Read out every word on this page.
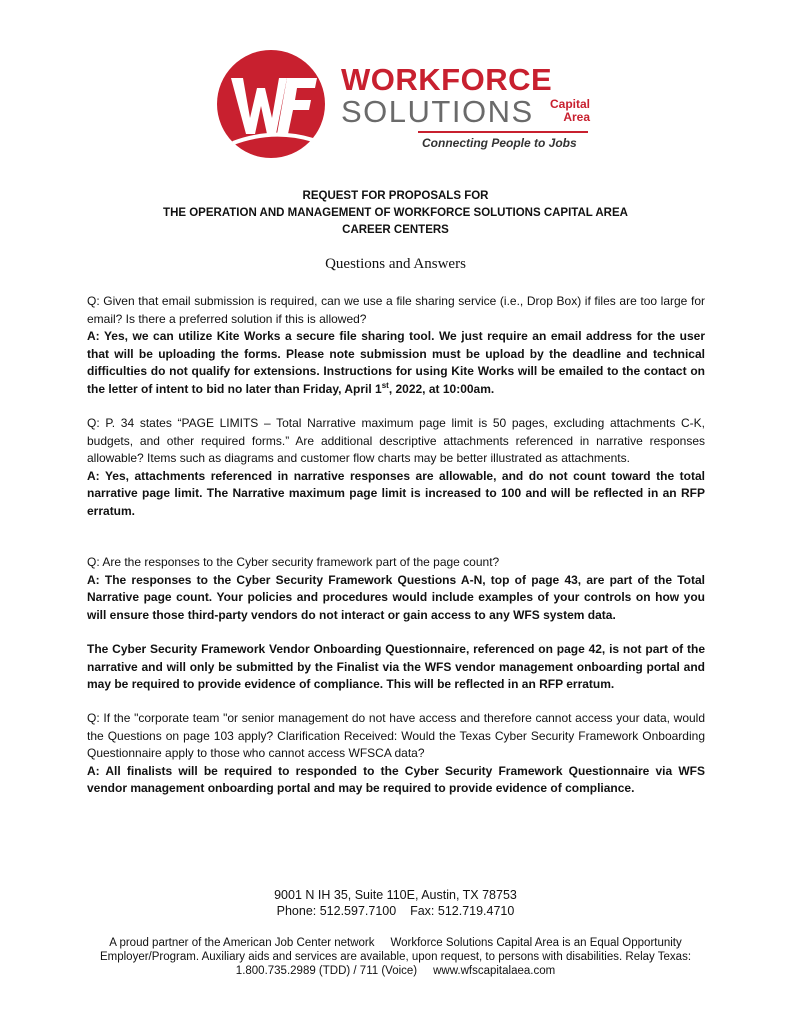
WORKFORCE
SOLUTIONS	Capital
Area
Connecting People to Jobs
REQUEST FOR PROPOSALS FOR
THE OPERATION AND MANAGEMENT OF WORKFORCE SOLUTIONS CAPITAL AREA
CAREER CENTERS
Questions and Answers

Q: Given that email submission is required, can we use a file sharing service (i.e., Drop Box) if files are too large for email? Is there a preferred solution if this is allowed?

A: Yes, we can utilize Kite Works a secure file sharing tool. We just require an email address for the user that will be uploading the forms. Please note submission must be upload by the deadline and technical difficulties do not qualify for extensions. Instructions for using Kite Works will be emailed to the contact on the letter of intent to bid no later than Friday, April 1st, 2022, at 10:00am.

Q: P. 34 states “PAGE LIMITS – Total Narrative maximum page limit is 50 pages, excluding attachments C-K, budgets, and other required forms.” Are additional descriptive attachments referenced in narrative responses allowable? Items such as diagrams and customer flow charts may be better illustrated as attachments.

A: Yes, attachments referenced in narrative responses are allowable, and do not count toward the total narrative page limit. The Narrative maximum page limit is increased to 100 and will be reflected in an RFP erratum.

Q: Are the responses to the Cyber security framework part of the page count?

A: The responses to the Cyber Security Framework Questions A-N, top of page 43, are part of the Total Narrative page count. Your policies and procedures would include examples of your controls on how you will ensure those third-party vendors do not interact or gain access to any WFS system data.

The Cyber Security Framework Vendor Onboarding Questionnaire, referenced on page 42, is not part of the narrative and will only be submitted by the Finalist via the WFS vendor management onboarding portal and may be required to provide evidence of compliance. This will be reflected in an RFP erratum.

Q: If the "corporate team "or senior management do not have access and therefore cannot access your data, would the Questions on page 103 apply? Clarification Received: Would the Texas Cyber Security Framework Onboarding Questionnaire apply to those who cannot access WFSCA data?

A: All finalists will be required to responded to the Cyber Security Framework Questionnaire via WFS vendor management onboarding portal and may be required to provide evidence of compliance.

9001 N IH 35, Suite 110E, Austin, TX 78753
Phone: 512.597.7100    Fax: 512.719.4710
A proud partner of the American Job Center network     Workforce Solutions Capital Area is an Equal Opportunity Employer/Program. Auxiliary aids and services are available, upon request, to persons with disabilities. Relay Texas: 1.800.735.2989 (TDD) / 711 (Voice)     www.wfscapitalaea.com
